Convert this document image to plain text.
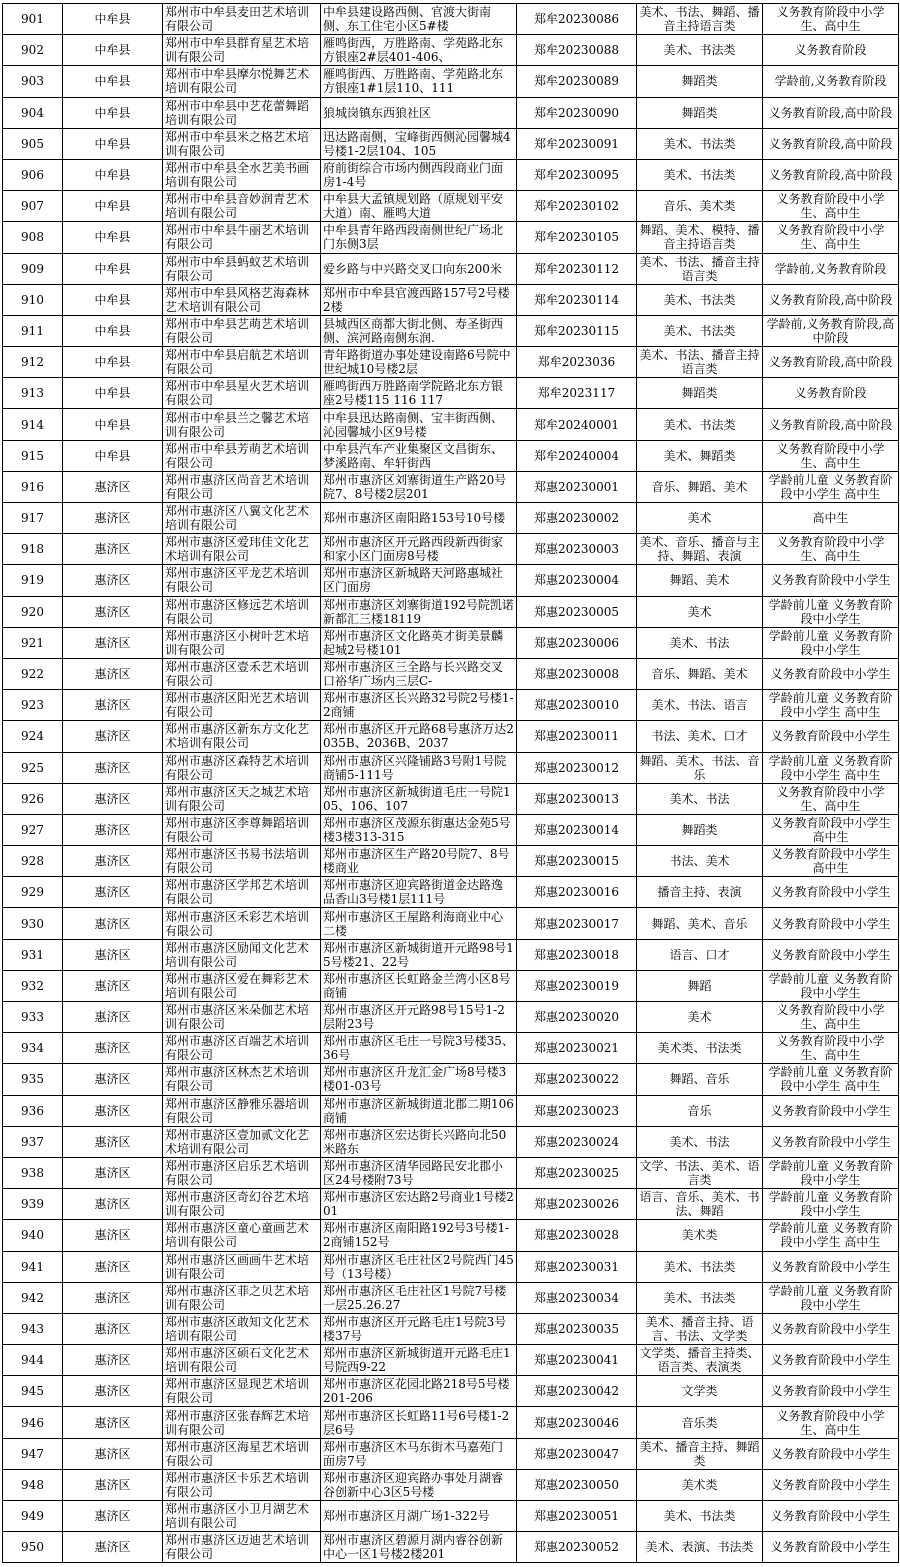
901	中牟县	郑州市中牟县麦田艺术培训有限公司	中牟县建设路西侧、官渡大街南侧、东工住宅小区5#楼	郑牟20230086	美术、书法、舞蹈、播音主持语言类	义务教育阶段中小学生、高中生
902	中牟县	郑州市中牟县群育星艺术培训有限公司	雁鸣街西，万胜路南、学苑路北东方银座2#层401-406、	郑牟20230088	美术、书法类	义务教育阶段
903	中牟县	郑州市中牟县摩尔悦舞艺术培训有限公司	雁鸣街西、万胜路南、学苑路北东方银座1#1层110、111	郑牟20230089	舞蹈类	学龄前,义务教育阶段
904	中牟县	郑州市中牟县中艺花蕾舞蹈培训有限公司	狼城岗镇东西狼社区	郑牟20230090	舞蹈类	义务教育阶段,高中阶段
905	中牟县	郑州市中牟县米之格艺术培训有限公司	迅达路南侧，宝峰街西侧沁园馨城4号楼1-2层104、105	郑牟20230091	美术、书法类	义务教育阶段,高中阶段
906	中牟县	郑州市中牟县全水艺美书画培训有限公司	府前街综合市场内侧西段商业门面房1-4号	郑牟20230095	美术、书法类	义务教育阶段,高中阶段
907	中牟县	郑州市中牟县音妙润青艺术培训有限公司	中牟县大孟镇规划路（原规划平安大道）南、雁鸣大道	郑牟20230102	音乐、美术类	义务教育阶段中小学生、高中生
908	中牟县	郑州市中牟县牛丽艺术培训有限公司	中牟县青年路西段南侧世纪广场北门东侧3层	郑牟20230105	舞蹈、美术、模特、播音主持语言类	义务教育阶段中小学生、高中生
909	中牟县	郑州市中牟县蚂蚁艺术培训有限公司	爱乡路与中兴路交叉口向东200米	郑牟20230112	美术、书法、播音主持语言类	学龄前,义务教育阶段
910	中牟县	郑州市中牟县风格艺海森林艺术培训有限公司	郑州市中牟县官渡西路157号2号楼2楼	郑牟20230114	美术、书法类	义务教育阶段,高中阶段
911	中牟县	郑州市中牟县艺萌艺术培训有限公司	县城西区商都大街北侧、寿圣街西侧、滨河路南侧东润.	郑牟20230115	美术、书法类	学龄前,义务教育阶段,高中阶段
912	中牟县	郑州市中牟县启航艺术培训有限公司	青年路街道办事处建设南路6号院中世纪城10号楼2层	郑牟2023036	美术、书法、播音主持语言类	义务教育阶段,高中阶段
913	中牟县	郑州市中牟县星火艺术培训有限公司	雁鸣街西万胜路南学院路北东方银座2号楼115 116 117	郑牟2023117	舞蹈类	义务教育阶段
914	中牟县	郑州市中牟县兰之馨艺术培训有限公司	中牟县迅达路南侧、宝丰街西侧、沁园馨城小区9号楼	郑牟20240001	美术、书法类	义务教育阶段,高中阶段
915	中牟县	郑州市中牟县芳萌艺术培训有限公司	中牟县汽车产业集聚区文昌街东、梦溪路南、牟轩街西	郑牟20240004	美术、舞蹈类	义务教育阶段中小学生、高中生
916	惠济区	郑州市惠济区尚音艺术培训有限公司	郑州市惠济区刘寨街道生产路20号院7、8号楼2层201	郑惠20230001	音乐、舞蹈、美术	学龄前儿童 义务教育阶段中小学生 高中生
917	惠济区	郑州市惠济区八翼文化艺术培训有限公司	郑州市惠济区南阳路153号10号楼	郑惠20230002	美术	高中生
918	惠济区	郑州市惠济区爱玮佳文化艺术培训有限公司	郑州市惠济区开元路西段新西街家和家小区门面房8号楼	郑惠20230003	美术、音乐、播音与主持、舞蹈、表演	义务教育阶段中小学生、高中生
919	惠济区	郑州市惠济区平龙艺术培训有限公司	郑州市惠济区新城路天河路惠城社区门面房	郑惠20230004	舞蹈、美术	义务教育阶段中小学生
920	惠济区	郑州市惠济区修远艺术培训有限公司	郑州市惠济区刘寨街道192号院凯诺新都汇三楼18119	郑惠20230005	美术	学龄前儿童 义务教育阶段中小学生
921	惠济区	郑州市惠济区小树叶艺术培训有限公司	郑州市惠济区文化路英才街美景麟起城2号楼101	郑惠20230006	美术、书法	学龄前儿童 义务教育阶段中小学生
922	惠济区	郑州市惠济区壹禾艺术培训有限公司	郑州市惠济区三全路与长兴路交叉口裕华广场内三层C-	郑惠20230008	音乐、舞蹈、美术	义务教育阶段中小学生
923	惠济区	郑州市惠济区阳光艺术培训有限公司	郑州市惠济区长兴路32号院2号楼1-2商铺	郑惠20230010	美术、书法、语言	学龄前儿童 义务教育阶段中小学生 高中生
924	惠济区	郑州市惠济区新东方文化艺术培训有限公司	郑州市惠济区开元路68号惠济万达2035B、2036B、2037	郑惠20230011	书法、美术、口才	义务教育阶段中小学生
925	惠济区	郑州市惠济区森特艺术培训有限公司	郑州市惠济区兴隆铺路3号附1号院商铺5-111号	郑惠20230012	舞蹈、美术、书法、音乐	学龄前儿童 义务教育阶段中小学生 高中生
926	惠济区	郑州市惠济区天之城艺术培训有限公司	郑州市惠济区新城街道毛庄一号院105、106、107	郑惠20230013	美术、书法	义务教育阶段中小学生、高中生
927	惠济区	郑州市惠济区李尊舞蹈培训有限公司	郑州市惠济区茂源东街惠达金苑5号楼3楼313-315	郑惠20230014	舞蹈类	义务教育阶段中小学生 高中生
928	惠济区	郑州市惠济区书易书法培训有限公司	郑州市惠济区生产路20号院7、8号楼商业	郑惠20230015	书法、美术	义务教育阶段中小学生 高中生
929	惠济区	郑州市惠济区学邦艺术培训有限公司	郑州市惠济区迎宾路街道金达路逸品香山3号楼1层111号	郑惠20230016	播音主持、表演	义务教育阶段中小学生
930	惠济区	郑州市惠济区禾彩艺术培训有限公司	郑州市惠济区王屋路利海商业中心二楼	郑惠20230017	舞蹈、美术、音乐	义务教育阶段中小学生
931	惠济区	郑州市惠济区励闻文化艺术培训有限公司	郑州市惠济区新城街道开元路98号15号楼21、22号	郑惠20230018	语言、口才	义务教育阶段中小学生
932	惠济区	郑州市惠济区爱在舞彩艺术培训有限公司	郑州市惠济区长虹路金兰湾小区8号商铺	郑惠20230019	舞蹈	学龄前儿童 义务教育阶段中小学生
933	惠济区	郑州市惠济区米朵伽艺术培训有限公司	郑州市惠济区开元路98号15号1-2层附23号	郑惠20230020	美术	义务教育阶段中小学生、高中生
934	惠济区	郑州市惠济区百端艺术培训有限公司	郑州市惠济区毛庄一号院3号楼35、36号	郑惠20230021	美术类、书法类	义务教育阶段中小学生、高中生
935	惠济区	郑州市惠济区林杰艺术培训有限公司	郑州市惠济区升龙汇金广场8号楼3楼01-03号	郑惠20230022	舞蹈、音乐	学龄前儿童 义务教育阶段中小学生 高中生
936	惠济区	郑州市惠济区静雅乐器培训有限公司	郑州市惠济区新城街道北郡二期106商铺	郑惠20230023	音乐	义务教育阶段中小学生
937	惠济区	郑州市惠济区壹加贰文化艺术培训有限公司	郑州市惠济区宏达街长兴路向北50米路东	郑惠20230024	美术、书法	义务教育阶段中小学生
938	惠济区	郑州市惠济区启乐艺术培训有限公司	郑州市惠济区清华园路民安北郡小区24号楼附73号	郑惠20230025	文学、书法、美术、语言类	学龄前儿童 义务教育阶段中小学生
939	惠济区	郑州市惠济区奇幻谷艺术培训有限公司	郑州市惠济区宏达路2号商业1号楼201	郑惠20230026	语言、音乐、美术、书法、舞蹈	学龄前儿童 义务教育阶段中小学生
940	惠济区	郑州市惠济区童心童画艺术培训有限公司	郑州市惠济区南阳路192号3号楼1-2商铺152号	郑惠20230028	美术类	学龄前儿童 义务教育阶段中小学生 高中生
941	惠济区	郑州市惠济区画画牛艺术培训有限公司	郑州市惠济区毛庄社区2号院西门45号（13号楼）	郑惠20230031	美术、书法类	义务教育阶段中小学生
942	惠济区	郑州市惠济区菲之贝艺术培训有限公司	郑州市惠济区毛庄社区1号院7号楼一层25.26.27	郑惠20230034	美术、书法类	学龄前儿童 义务教育阶段中小学生
943	惠济区	郑州市惠济区敢知文化艺术培训有限公司	郑州市惠济区开元路毛庄1号院3号楼37号	郑惠20230035	美术、播音主持、语言、书法、文学类	义务教育阶段中小学生
944	惠济区	郑州市惠济区硕石文化艺术培训有限公司	郑州市惠济区新城街道开元路毛庄1号院西9-22	郑惠20230041	文学类、播音主持类、语言类、表演类	义务教育阶段中小学生
945	惠济区	郑州市惠济区显现艺术培训有限公司	郑州市惠济区花园北路218号5号楼201-206	郑惠20230042	文学类	义务教育阶段中小学生
946	惠济区	郑州市惠济区张春辉艺术培训有限公司	郑州市惠济区长虹路11号6号楼1-2层6号	郑惠20230046	音乐类	义务教育阶段中小学生、高中生
947	惠济区	郑州市惠济区海星艺术培训有限公司	郑州市惠济区木马东街木马嘉苑门面房7号	郑惠20230047	美术、播音主持、舞蹈类	义务教育阶段中小学生
948	惠济区	郑州市惠济区卡乐艺术培训有限公司	郑州市惠济区迎宾路办事处月湖睿谷创新中心3区5号楼	郑惠20230050	美术类	义务教育阶段中小学生
949	惠济区	郑州市惠济区小卫月湖艺术培训有限公司	郑州市惠济区月湖广场1-322号	郑惠20230051	美术、书法类	义务教育阶段中小学生
950	惠济区	郑州市惠济区迈迪艺术培训有限公司	郑州市惠济区碧源月湖内睿谷创新中心一区1号楼2楼201	郑惠20230052	美术、表演、书法类	义务教育阶段中小学生
